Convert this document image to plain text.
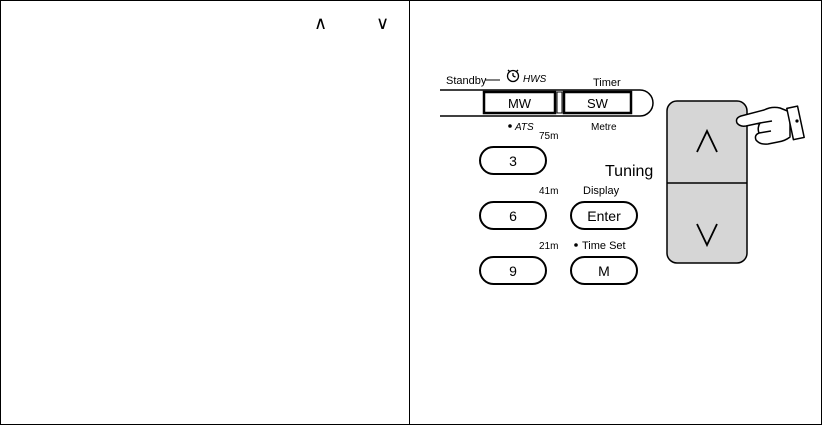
∧	∨
Standby	HWS	Timer
MW	SW
ATS	Metre
75m
41m
21m
Display
Time Set
Tuning
3
6
9
Enter
M
